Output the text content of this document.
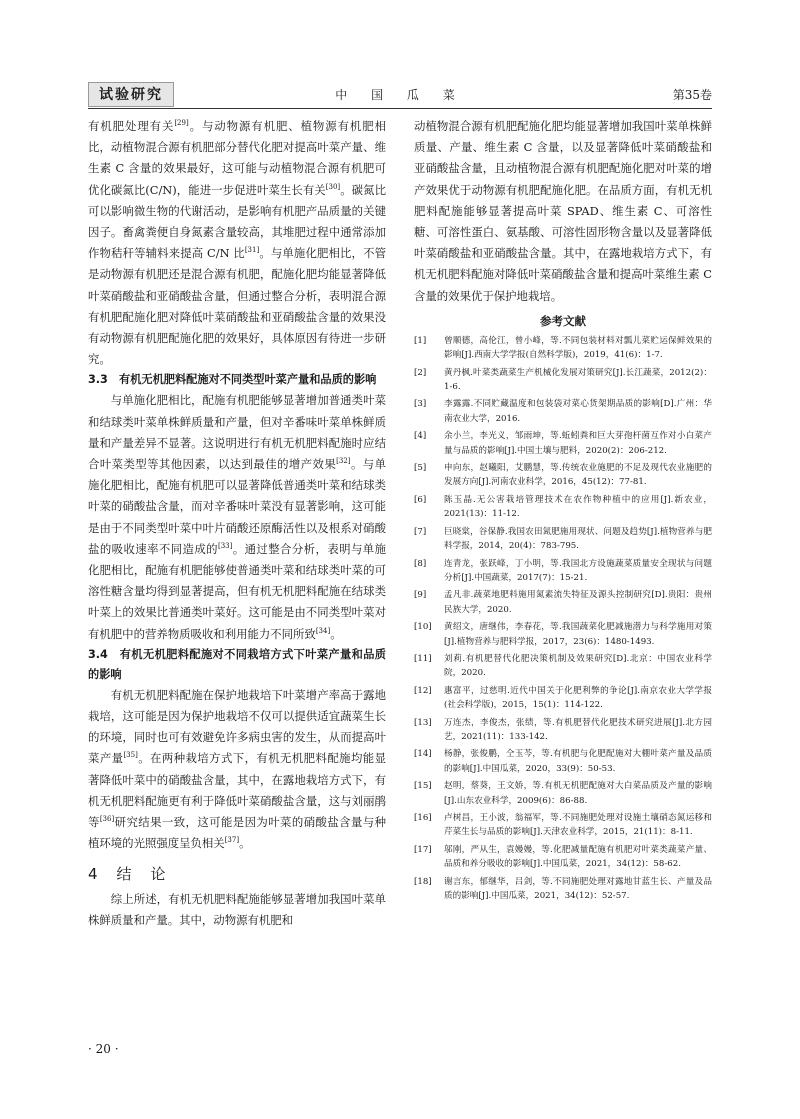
试验研究	中 国 瓜 菜	第35卷

有机肥处理有关[29]。与动物源有机肥、植物源有机肥相比，动植物混合源有机肥部分替代化肥对提高叶菜产量、维生素 C 含量的效果最好，这可能与动植物混合源有机肥可优化碳氮比(C/N)，能进一步促进叶菜生长有关[30]。碳氮比可以影响微生物的代谢活动，是影响有机肥产品质量的关键因子。畜禽粪便自身氮素含量较高，其堆肥过程中通常添加作物秸秆等辅料来提高 C/N 比[31]。与单施化肥相比，不管是动物源有机肥还是混合源有机肥，配施化肥均能显著降低叶菜硝酸盐和亚硝酸盐含量，但通过整合分析，表明混合源有机肥配施化肥对降低叶菜硝酸盐和亚硝酸盐含量的效果没有动物源有机肥配施化肥的效果好，具体原因有待进一步研究。

3.3　有机无机肥料配施对不同类型叶菜产量和品质的影响

与单施化肥相比，配施有机肥能够显著增加普通类叶菜和结球类叶菜单株鲜质量和产量，但对辛番味叶菜单株鲜质量和产量差异不显著。这说明进行有机无机肥料配施时应结合叶菜类型等其他因素，以达到最佳的增产效果[32]。与单施化肥相比，配施有机肥可以显著降低普通类叶菜和结球类叶菜的硝酸盐含量，而对辛番味叶菜没有显著影响，这可能是由于不同类型叶菜中叶片硝酸还原酶活性以及根系对硝酸盐的吸收速率不同造成的[33]。通过整合分析，表明与单施化肥相比，配施有机肥能够使普通类叶菜和结球类叶菜的可溶性糖含量均得到显著提高，但有机无机肥料配施在结球类叶菜上的效果比普通类叶菜好。这可能是由不同类型叶菜对有机肥中的营养物质吸收和利用能力不同所致[34]。

3.4　有机无机肥料配施对不同栽培方式下叶菜产量和品质的影响

有机无机肥料配施在保护地栽培下叶菜增产率高于露地栽培，这可能是因为保护地栽培不仅可以提供适宜蔬菜生长的环境，同时也可有效避免许多病虫害的发生，从而提高叶菜产量[35]。在两种栽培方式下，有机无机肥料配施均能显著降低叶菜中的硝酸盐含量，其中，在露地栽培方式下，有机无机肥料配施更有利于降低叶菜硝酸盐含量，这与刘丽鹃等[36]研究结果一致，这可能是因为叶菜的硝酸盐含量与种植环境的光照强度呈负相关[37]。

4　结　论

综上所述，有机无机肥料配施能够显著增加我国叶菜单株鲜质量和产量。其中，动物源有机肥和

动植物混合源有机肥配施化肥均能显著增加我国叶菜单株鲜质量、产量、维生素 C 含量，以及显著降低叶菜硝酸盐和亚硝酸盐含量，且动植物混合源有机肥配施化肥对叶菜的增产效果优于动物源有机肥配施化肥。在品质方面，有机无机肥料配施能够显著提高叶菜 SPAD、维生素 C、可溶性糖、可溶性蛋白、氨基酸、可溶性固形物含量以及显著降低叶菜硝酸盐和亚硝酸盐含量。其中，在露地栽培方式下，有机无机肥料配施对降低叶菜硝酸盐含量和提高叶菜维生素 C 含量的效果优于保护地栽培。

参考文献
[1]	曾顺德，高伦江，曾小峰，等.不同包装材料对瓢儿菜贮运保鲜效果的影响[J].西南大学学报(自然科学版)，2019，41(6)：1-7.
[2]	黄丹枫.叶菜类蔬菜生产机械化发展对策研究[J].长江蔬菜，2012(2)：1-6.
[3]	李露露.不同贮藏温度和包装袋对菜心货架期品质的影响[D].广州：华南农业大学，2016.
[4]	余小兰，李光义，邹雨坤，等.蚯蚓粪和巨大芽孢杆菌互作对小白菜产量与品质的影响[J].中国土壤与肥料，2020(2)：206-212.
[5]	申向东，赵曦阳，艾鹏慧，等.传统农业施肥的不足及现代农业施肥的发展方向[J].河南农业科学，2016，45(12)：77-81.
[6]	陈玉晶.无公害栽培管理技术在农作物种植中的应用[J].新农业，2021(13)：11-12.
[7]	巨晓棠，谷保静.我国农田氮肥施用现状、问题及趋势[J].植物营养与肥料学报，2014，20(4)：783-795.
[8]	连青龙，张跃峰，丁小明，等.我国北方设施蔬菜质量安全现状与问题分析[J].中国蔬菜，2017(7)：15-21.
[9]	孟凡非.蔬菜地肥料施用氮素流失特征及源头控制研究[D].贵阳：贵州民族大学，2020.
[10]	黄绍文，唐继伟，李春花，等.我国蔬菜化肥减施潜力与科学施用对策[J].植物营养与肥料学报，2017，23(6)：1480-1493.
[11]	刘莉.有机肥替代化肥决策机制及效果研究[D].北京：中国农业科学院，2020.
[12]	惠富平，过慈明.近代中国关于化肥利弊的争论[J].南京农业大学学报(社会科学版)，2015，15(1)：114-122.
[13]	万连杰，李俊杰，张绩，等.有机肥替代化肥技术研究进展[J].北方园艺，2021(11)：133-142.
[14]	杨静，张俊鹏，仝玉芩，等.有机肥与化肥配施对大棚叶菜产量及品质的影响[J].中国瓜菜，2020，33(9)：50-53.
[15]	赵明，蔡葵，王文娇，等.有机无机肥配施对大白菜品质及产量的影响[J].山东农业科学，2009(6)：86-88.
[16]	卢树昌，王小波，翁福军，等.不同施肥处理对设施土壤硝态氮运移和芹菜生长与品质的影响[J].天津农业科学，2015，21(11)：8-11.
[17]	邬刚，严从生，袁嫚嫚，等.化肥减量配施有机肥对叶菜类蔬菜产量、品质和养分吸收的影响[J].中国瓜菜，2021，34(12)：58-62.
[18]	谢言东，郁继华，吕剑，等.不同施肥处理对露地甘蓝生长、产量及品质的影响[J].中国瓜菜，2021，34(12)：52-57.
· 20 ·
